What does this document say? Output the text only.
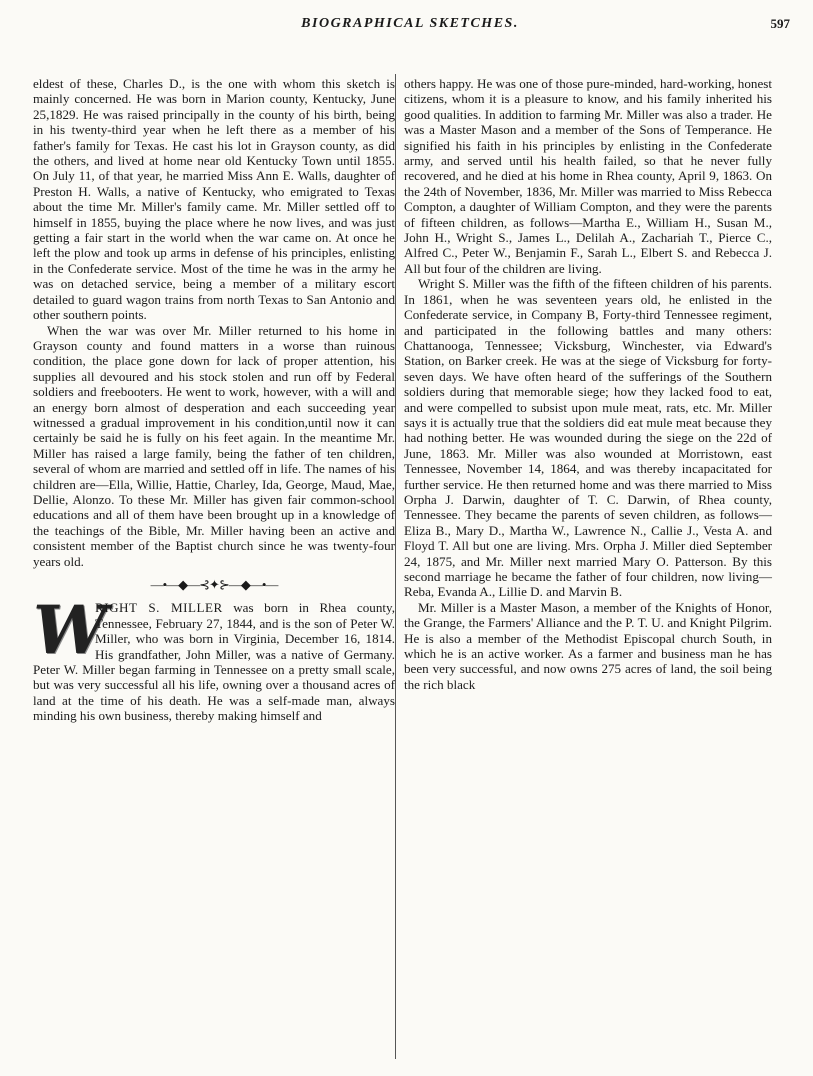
BIOGRAPHICAL SKETCHES.	597

eldest of these, Charles D., is the one with whom this sketch is mainly concerned. He was born in Marion county, Kentucky, June 25,1829. He was raised principally in the county of his birth, being in his twenty-third year when he left there as a member of his father's family for Texas. He cast his lot in Grayson county, as did the others, and lived at home near old Kentucky Town until 1855. On July 11, of that year, he married Miss Ann E. Walls, daughter of Preston H. Walls, a native of Kentucky, who emigrated to Texas about the time Mr. Miller's family came. Mr. Miller settled off to himself in 1855, buying the place where he now lives, and was just getting a fair start in the world when the war came on. At once he left the plow and took up arms in defense of his principles, enlisting in the Confederate service. Most of the time he was in the army he was on detached service, being a member of a military escort detailed to guard wagon trains from north Texas to San Antonio and other southern points.

When the war was over Mr. Miller returned to his home in Grayson county and found matters in a worse than ruinous condition, the place gone down for lack of proper attention, his supplies all devoured and his stock stolen and run off by Federal soldiers and freebooters. He went to work, however, with a will and an energy born almost of desperation and each succeeding year witnessed a gradual improvement in his condition,until now it can certainly be said he is fully on his feet again. In the meantime Mr. Miller has raised a large family, being the father of ten children, several of whom are married and settled off in life. The names of his children are—Ella, Willie, Hattie, Charley, Ida, George, Maud, Mae, Dellie, Alonzo. To these Mr. Miller has given fair common-school educations and all of them have been brought up in a knowledge of the teachings of the Bible, Mr. Miller having been an active and consistent member of the Baptist church since he was twenty-four years old.

—•—◆—⊰✦⊱—◆—•—
W

RIGHT S. MILLER was born in Rhea county, Tennessee, February 27, 1844, and is the son of Peter W. Miller, who was born in Virginia, December 16, 1814. His grandfather, John Miller, was a native of Germany. Peter W. Miller began farming in Tennessee on a pretty small scale, but was very successful all his life, owning over a thousand acres of land at the time of his death. He was a self-made man, always minding his own business, thereby making himself and

others happy. He was one of those pure-minded, hard-working, honest citizens, whom it is a pleasure to know, and his family inherited his good qualities. In addition to farming Mr. Miller was also a trader. He was a Master Mason and a member of the Sons of Temperance. He signified his faith in his principles by enlisting in the Confederate army, and served until his health failed, so that he never fully recovered, and he died at his home in Rhea county, April 9, 1863. On the 24th of November, 1836, Mr. Miller was married to Miss Rebecca Compton, a daughter of William Compton, and they were the parents of fifteen children, as follows—Martha E., William H., Susan M., John H., Wright S., James L., Delilah A., Zachariah T., Pierce C., Alfred C., Peter W., Benjamin F., Sarah L., Elbert S. and Rebecca J. All but four of the children are living.

Wright S. Miller was the fifth of the fifteen children of his parents. In 1861, when he was seventeen years old, he enlisted in the Confederate service, in Company B, Forty-third Tennessee regiment, and participated in the following battles and many others: Chattanooga, Tennessee; Vicksburg, Winchester, via Edward's Station, on Barker creek. He was at the siege of Vicksburg for forty-seven days. We have often heard of the sufferings of the Southern soldiers during that memorable siege; how they lacked food to eat, and were compelled to subsist upon mule meat, rats, etc. Mr. Miller says it is actually true that the soldiers did eat mule meat because they had nothing better. He was wounded during the siege on the 22d of June, 1863. Mr. Miller was also wounded at Morristown, east Tennessee, November 14, 1864, and was thereby incapacitated for further service. He then returned home and was there married to Miss Orpha J. Darwin, daughter of T. C. Darwin, of Rhea county, Tennessee. They became the parents of seven children, as follows—Eliza B., Mary D., Martha W., Lawrence N., Callie J., Vesta A. and Floyd T. All but one are living. Mrs. Orpha J. Miller died September 24, 1875, and Mr. Miller next married Mary O. Patterson. By this second marriage he became the father of four children, now living—Reba, Evanda A., Lillie D. and Marvin B.

Mr. Miller is a Master Mason, a member of the Knights of Honor, the Grange, the Farmers' Alliance and the P. T. U. and Knight Pilgrim. He is also a member of the Methodist Episcopal church South, in which he is an active worker. As a farmer and business man he has been very successful, and now owns 275 acres of land, the soil being the rich black
